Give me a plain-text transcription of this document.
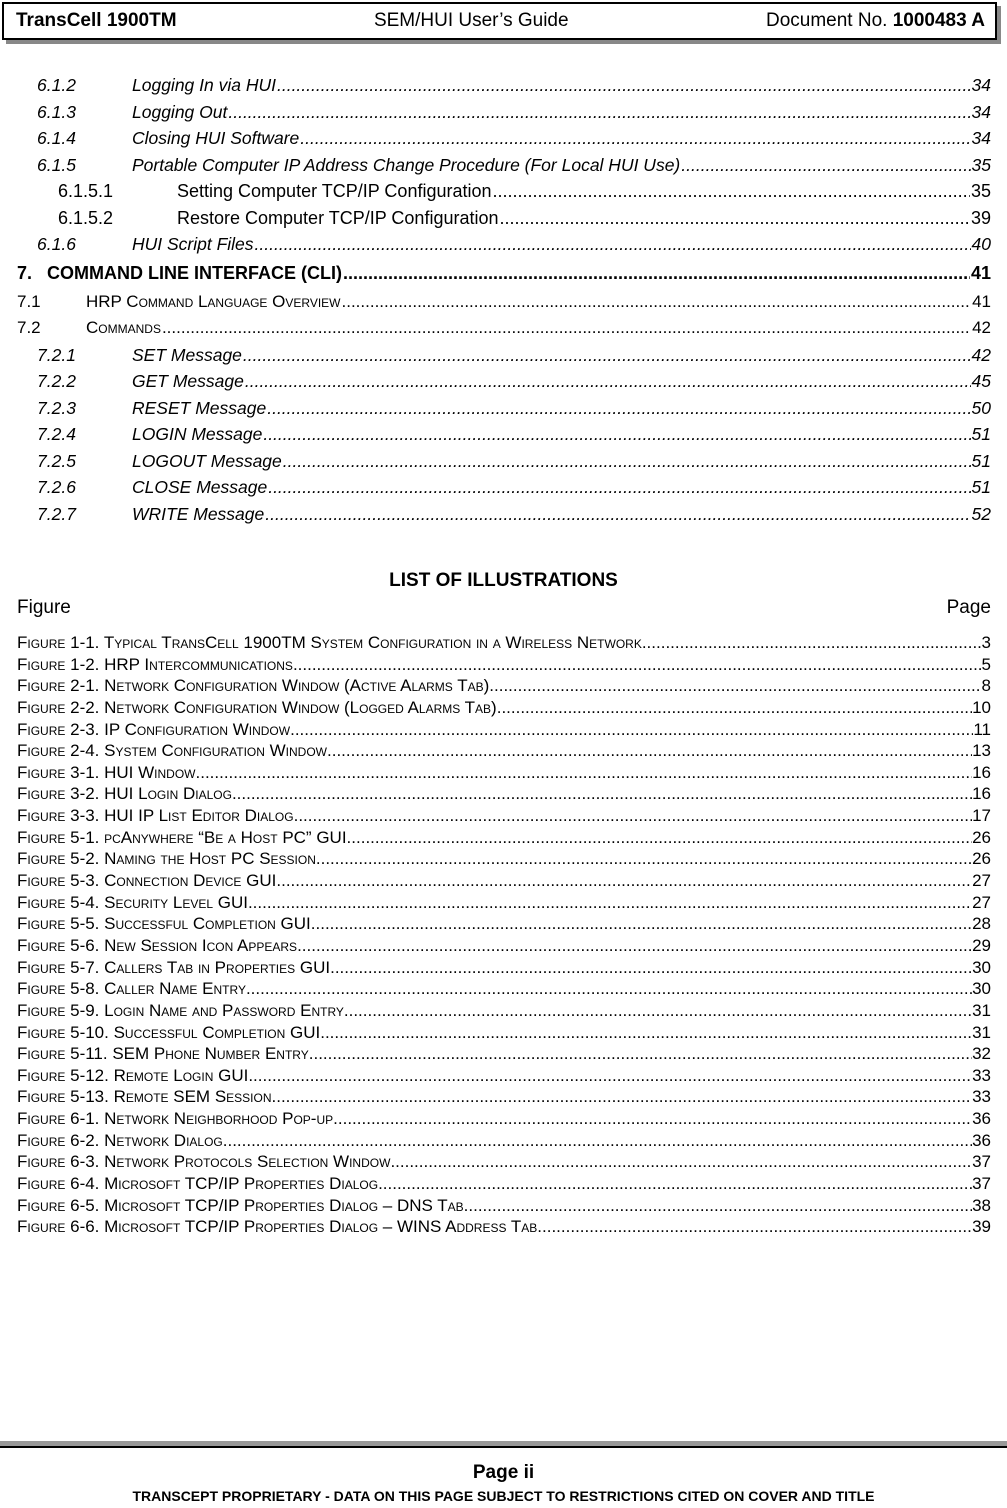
TransCell 1900TM	SEM/HUI User’s Guide	Document No. 1000483 A
6.1.2	Logging In via HUI .....	34
6.1.3	Logging Out .....	34
6.1.4	Closing HUI Software .....	34
6.1.5	Portable Computer IP Address Change Procedure (For Local HUI Use) .....	35
6.1.5.1	Setting Computer TCP/IP Configuration .....	35
6.1.5.2	Restore Computer TCP/IP Configuration .....	39
6.1.6	HUI Script Files .....	40
7. COMMAND LINE INTERFACE (CLI) .....	41
7.1	HRP Command Language Overview .....	41
7.2	Commands .....	42
7.2.1	SET Message .....	42
7.2.2	GET Message .....	45
7.2.3	RESET Message .....	50
7.2.4	LOGIN Message .....	51
7.2.5	LOGOUT Message .....	51
7.2.6	CLOSE Message .....	51
7.2.7	WRITE Message .....	52
LIST OF ILLUSTRATIONS
Figure	Page
Figure 1-1. Typical TransCell 1900TM System Configuration in a Wireless Network .....	3
Figure 1-2. HRP Intercommunications .....	5
Figure 2-1. Network Configuration Window (Active Alarms Tab) .....	8
Figure 2-2. Network Configuration Window (Logged Alarms Tab) .....	10
Figure 2-3. IP Configuration Window .....	11
Figure 2-4. System Configuration Window .....	13
Figure 3-1. HUI Window .....	16
Figure 3-2. HUI Login Dialog .....	16
Figure 3-3. HUI IP List Editor Dialog .....	17
Figure 5-1. pcAnywhere “Be a Host PC” GUI .....	26
Figure 5-2. Naming the Host PC Session .....	26
Figure 5-3. Connection Device GUI .....	27
Figure 5-4. Security Level GUI .....	27
Figure 5-5. Successful Completion GUI .....	28
Figure 5-6. New Session Icon Appears .....	29
Figure 5-7. Callers Tab in Properties GUI .....	30
Figure 5-8. Caller Name Entry .....	30
Figure 5-9. Login Name and Password Entry .....	31
Figure 5-10. Successful Completion GUI .....	31
Figure 5-11. SEM Phone Number Entry .....	32
Figure 5-12. Remote Login GUI .....	33
Figure 5-13. Remote SEM Session .....	33
Figure 6-1. Network Neighborhood Pop-up .....	36
Figure 6-2. Network Dialog .....	36
Figure 6-3. Network Protocols Selection Window .....	37
Figure 6-4. Microsoft TCP/IP Properties Dialog .....	37
Figure 6-5. Microsoft TCP/IP Properties Dialog – DNS Tab .....	38
Figure 6-6. Microsoft TCP/IP Properties Dialog – WINS Address Tab .....	39
Page ii
TRANSCEPT PROPRIETARY - DATA ON THIS PAGE SUBJECT TO RESTRICTIONS CITED ON COVER AND TITLE
